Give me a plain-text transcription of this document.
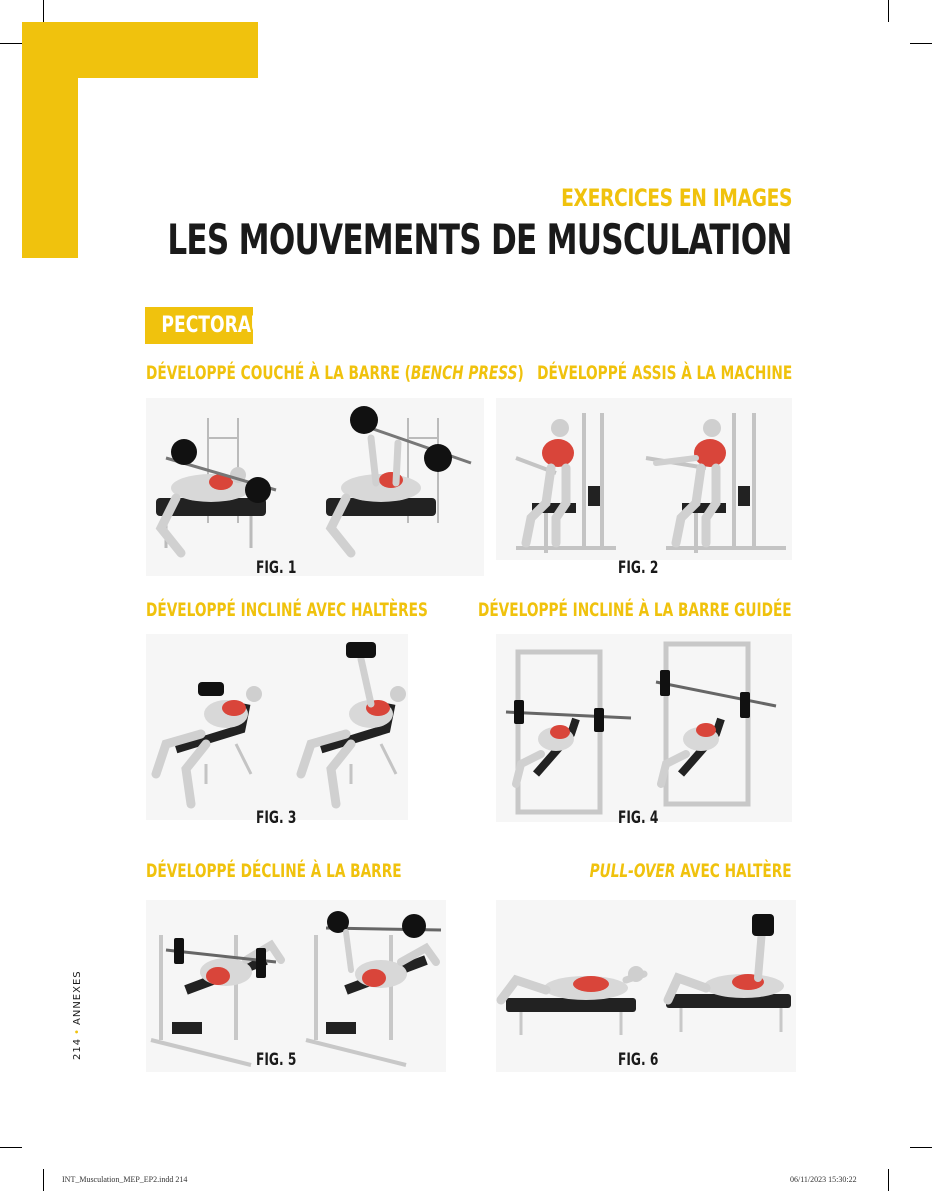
EXERCICES EN IMAGES
LES MOUVEMENTS DE MUSCULATION
PECTORAUX
DÉVELOPPÉ COUCHÉ À LA BARRE (BENCH PRESS) DÉVELOPPÉ ASSIS À LA MACHINE
DÉVELOPPÉ INCLINÉ AVEC HALTÈRES	DÉVELOPPÉ INCLINÉ À LA BARRE GUIDÉE
DÉVELOPPÉ DÉCLINÉ À LA BARRE	PULL-OVER AVEC HALTÈRE
FIG. 1	FIG. 2
FIG. 3	FIG. 4
FIG. 5	FIG. 6
214•ANNEXES
INT_Musculation_MEP_EP2.indd 214	06/11/2023 15:30:22
